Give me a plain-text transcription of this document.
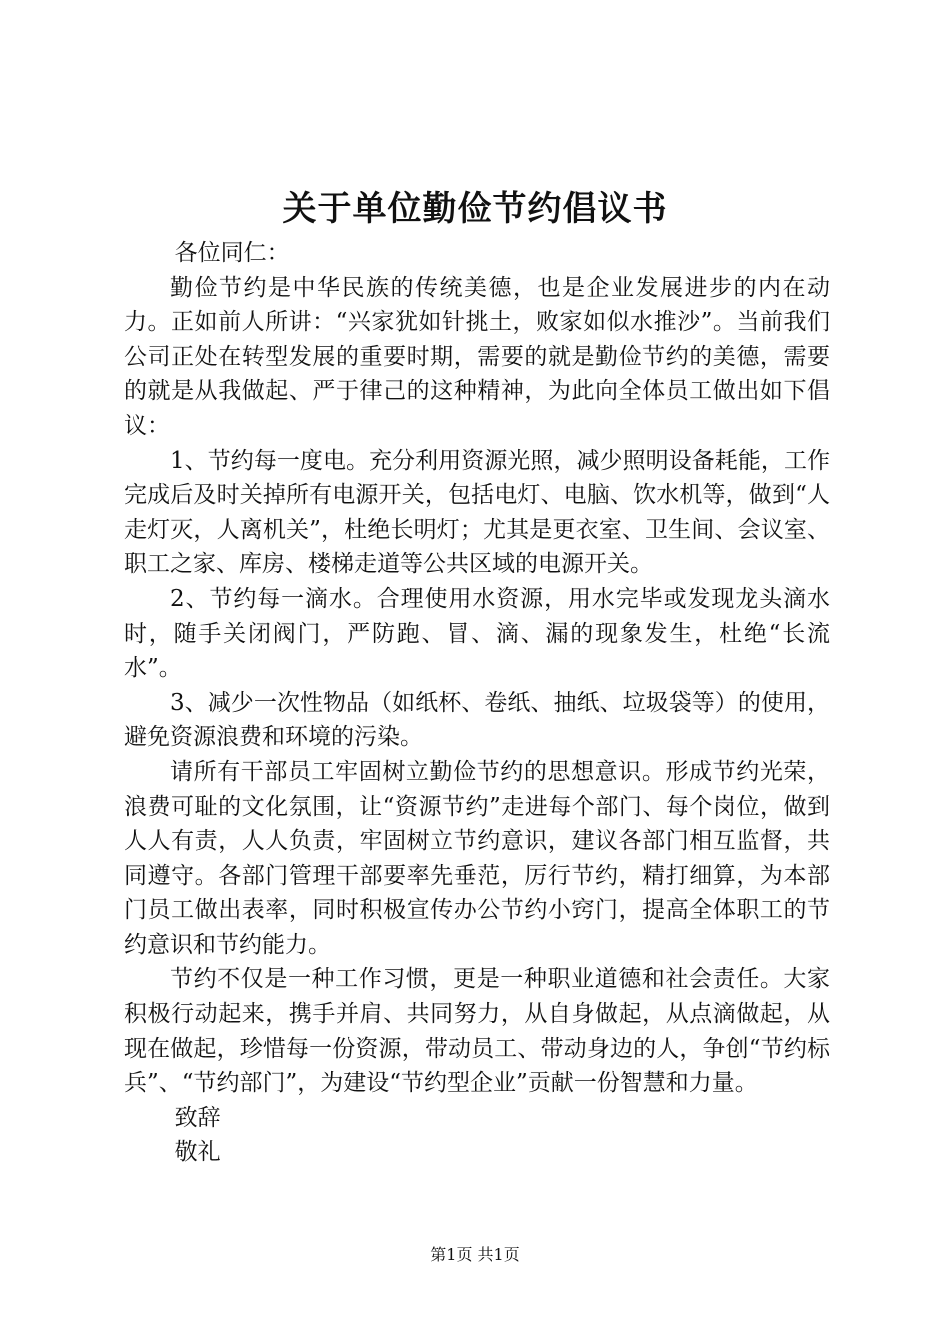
关于单位勤俭节约倡议书

各位同仁：

勤俭节约是中华民族的传统美德，也是企业发展进步的内在动力。正如前人所讲：“兴家犹如针挑土，败家如似水推沙”。当前我们公司正处在转型发展的重要时期，需要的就是勤俭节约的美德，需要的就是从我做起、严于律己的这种精神，为此向全体员工做出如下倡议：

1、节约每一度电。充分利用资源光照，减少照明设备耗能，工作完成后及时关掉所有电源开关，包括电灯、电脑、饮水机等，做到“人走灯灭，人离机关”，杜绝长明灯；尤其是更衣室、卫生间、会议室、职工之家、库房、楼梯走道等公共区域的电源开关。

2、节约每一滴水。合理使用水资源，用水完毕或发现龙头滴水时，随手关闭阀门，严防跑、冒、滴、漏的现象发生，杜绝“长流水”。

3、减少一次性物品（如纸杯、卷纸、抽纸、垃圾袋等）的使用，避免资源浪费和环境的污染。

请所有干部员工牢固树立勤俭节约的思想意识。形成节约光荣，浪费可耻的文化氛围，让“资源节约”走进每个部门、每个岗位，做到人人有责，人人负责，牢固树立节约意识，建议各部门相互监督，共同遵守。各部门管理干部要率先垂范，厉行节约，精打细算，为本部门员工做出表率，同时积极宣传办公节约小窍门，提高全体职工的节约意识和节约能力。

节约不仅是一种工作习惯，更是一种职业道德和社会责任。大家积极行动起来，携手并肩、共同努力，从自身做起，从点滴做起，从现在做起，珍惜每一份资源，带动员工、带动身边的人，争创“节约标兵”、“节约部门”，为建设“节约型企业”贡献一份智慧和力量。

致辞

敬礼

第1页 共1页
